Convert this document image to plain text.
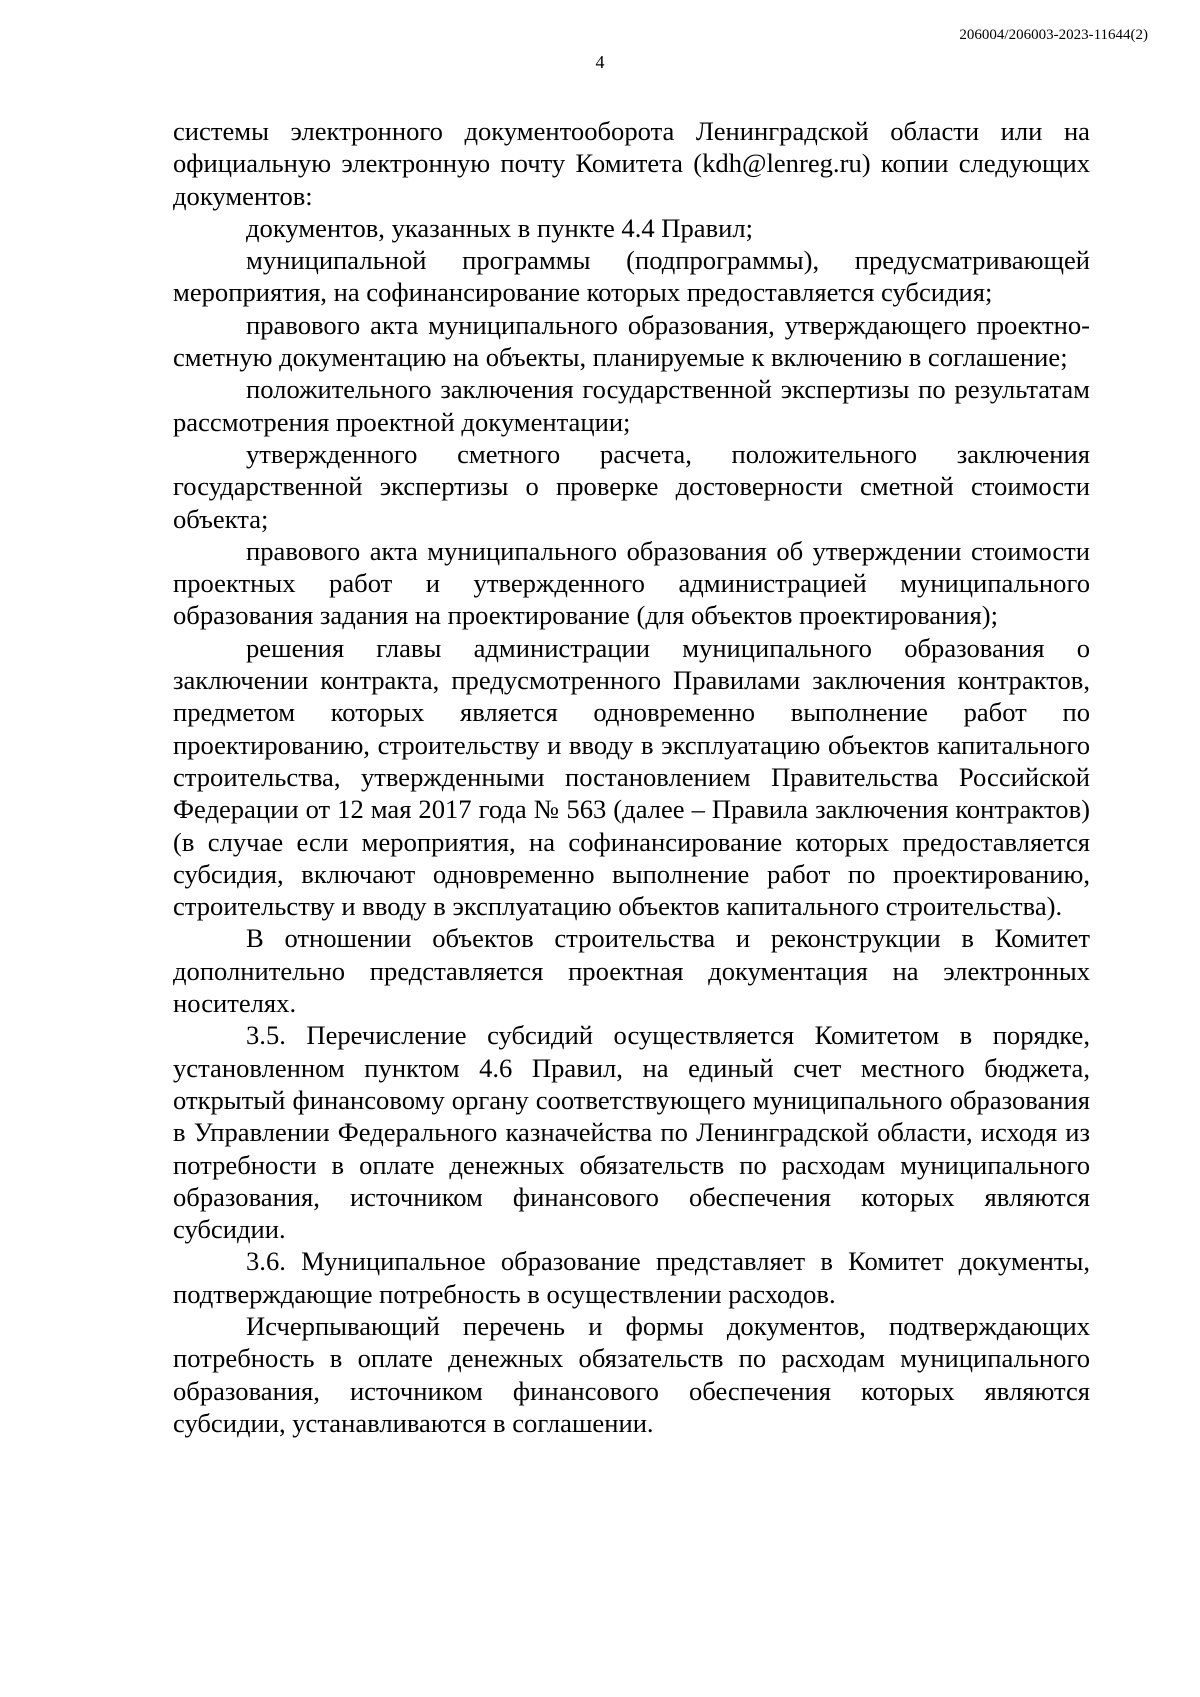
206004/206003-2023-11644(2)
4

системы электронного документооборота Ленинградской области или на официальную электронную почту Комитета (kdh@lenreg.ru) копии следующих документов:

документов, указанных в пункте 4.4 Правил;

муниципальной программы (подпрограммы), предусматривающей мероприятия, на софинансирование которых предоставляется субсидия;

правового акта муниципального образования, утверждающего проектно-сметную документацию на объекты, планируемые к включению в соглашение;

положительного заключения государственной экспертизы по результатам рассмотрения проектной документации;

утвержденного сметного расчета, положительного заключения государственной экспертизы о проверке достоверности сметной стоимости объекта;

правового акта муниципального образования об утверждении стоимости проектных работ и утвержденного администрацией муниципального образования задания на проектирование (для объектов проектирования);

решения главы администрации муниципального образования о заключении контракта, предусмотренного Правилами заключения контрактов, предметом которых является одновременно выполнение работ по проектированию, строительству и вводу в эксплуатацию объектов капитального строительства, утвержденными постановлением Правительства Российской Федерации от 12 мая 2017 года № 563 (далее – Правила заключения контрактов) (в случае если мероприятия, на софинансирование которых предоставляется субсидия, включают одновременно выполнение работ по проектированию, строительству и вводу в эксплуатацию объектов капитального строительства).

В отношении объектов строительства и реконструкции в Комитет дополнительно представляется проектная документация на электронных носителях.

3.5. Перечисление субсидий осуществляется Комитетом в порядке, установленном пунктом 4.6 Правил, на единый счет местного бюджета, открытый финансовому органу соответствующего муниципального образования в Управлении Федерального казначейства по Ленинградской области, исходя из потребности в оплате денежных обязательств по расходам муниципального образования, источником финансового обеспечения которых являются субсидии.

3.6. Муниципальное образование представляет в Комитет документы, подтверждающие потребность в осуществлении расходов.

Исчерпывающий перечень и формы документов, подтверждающих потребность в оплате денежных обязательств по расходам муниципального образования, источником финансового обеспечения которых являются субсидии, устанавливаются в соглашении.
